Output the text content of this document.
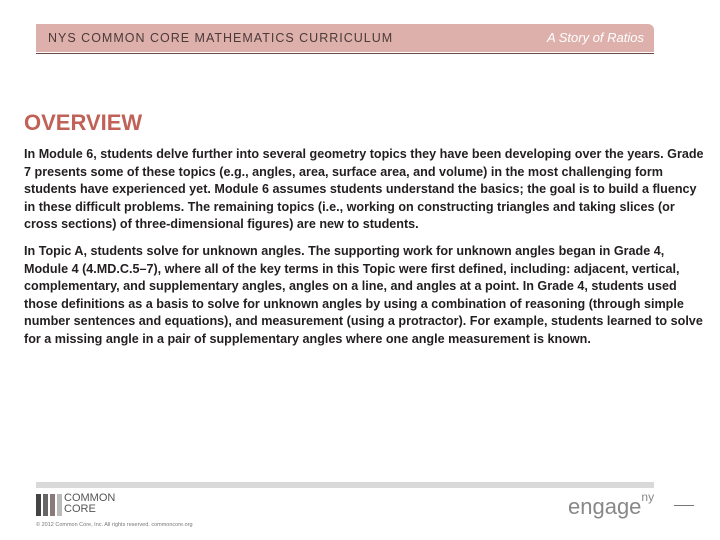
NYS COMMON CORE MATHEMATICS CURRICULUM	A Story of Ratios
OVERVIEW
In Module 6, students delve further into several geometry topics they have been developing over the years. Grade 7 presents some of these topics (e.g., angles, area, surface area, and volume) in the most challenging form students have experienced yet. Module 6 assumes students understand the basics; the goal is to build a fluency in these difficult problems. The remaining topics (i.e., working on constructing triangles and taking slices (or cross sections) of three-dimensional figures) are new to students.
In Topic A, students solve for unknown angles. The supporting work for unknown angles began in Grade 4, Module 4 (4.MD.C.5–7), where all of the key terms in this Topic were first defined, including: adjacent, vertical, complementary, and supplementary angles, angles on a line, and angles at a point. In Grade 4, students used those definitions as a basis to solve for unknown angles by using a combination of reasoning (through simple number sentences and equations), and measurement (using a protractor). For example, students learned to solve for a missing angle in a pair of supplementary angles where one angle measurement is known.
COMMON
CORE
© 2012 Common Core, Inc. All rights reserved. commoncore.org
engage$^{ny}$
